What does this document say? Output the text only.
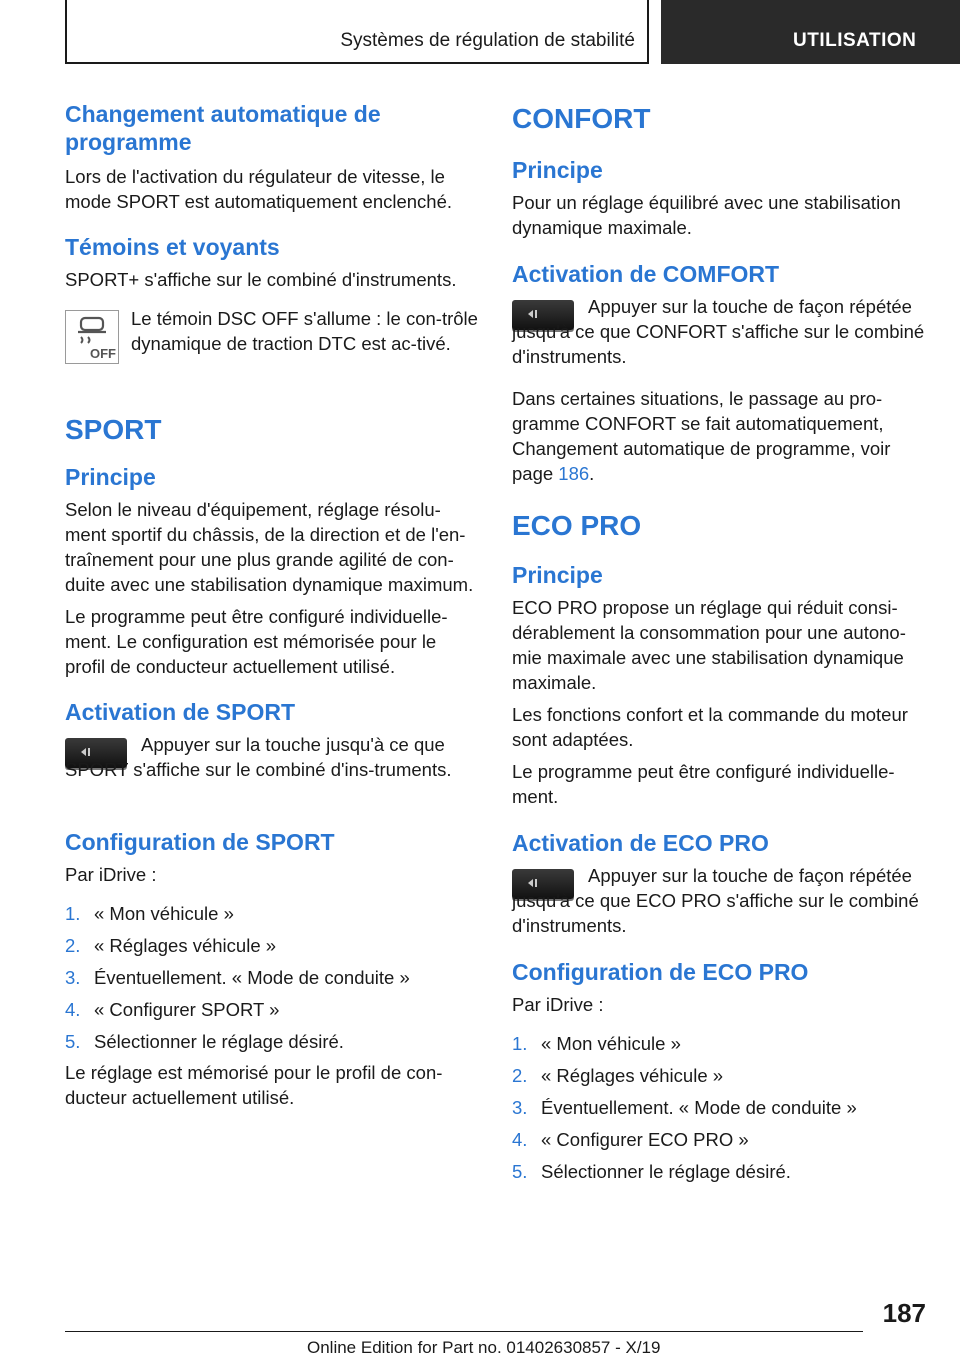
Systèmes de régulation de stabilité	UTILISATION
Changement automatique de programme

Lors de l'activation du régulateur de vitesse, le mode SPORT est automatiquement enclenché.

Témoins et voyants

SPORT+ s'affiche sur le combiné d'instruments.

OFF

Le témoin DSC OFF s'allume : le con-trôle dynamique de traction DTC est ac-tivé.

SPORT
Principe

Selon le niveau d'équipement, réglage résolu-ment sportif du châssis, de la direction et de l'en-traînement pour une plus grande agilité de con-duite avec une stabilisation dynamique maximum.

Le programme peut être configuré individuelle-ment. Le configuration est mémorisée pour le profil de conducteur actuellement utilisé.

Activation de SPORT

Appuyer sur la touche jusqu'à ce que SPORT s'affiche sur le combiné d'ins-truments.

Configuration de SPORT

Par iDrive :

1. « Mon véhicule »
2. « Réglages véhicule »
3. Éventuellement. « Mode de conduite »
4. « Configurer SPORT »
5. Sélectionner le réglage désiré.

Le réglage est mémorisé pour le profil de con-ducteur actuellement utilisé.

CONFORT
Principe

Pour un réglage équilibré avec une stabilisation dynamique maximale.

Activation de COMFORT

Appuyer sur la touche de façon répétée jusqu'à ce que CONFORT s'affiche sur le combiné d'instruments.

Dans certaines situations, le passage au pro-gramme CONFORT se fait automatiquement, Changement automatique de programme, voir page 186.

ECO PRO
Principe

ECO PRO propose un réglage qui réduit consi-dérablement la consommation pour une autono-mie maximale avec une stabilisation dynamique maximale.

Les fonctions confort et la commande du moteur sont adaptées.

Le programme peut être configuré individuelle-ment.

Activation de ECO PRO

Appuyer sur la touche de façon répétée jusqu'à ce que ECO PRO s'affiche sur le combiné d'instruments.

Configuration de ECO PRO

Par iDrive :

1. « Mon véhicule »
2. « Réglages véhicule »
3. Éventuellement. « Mode de conduite »
4. « Configurer ECO PRO »
5. Sélectionner le réglage désiré.
187
Online Edition for Part no. 01402630857 - X/19
